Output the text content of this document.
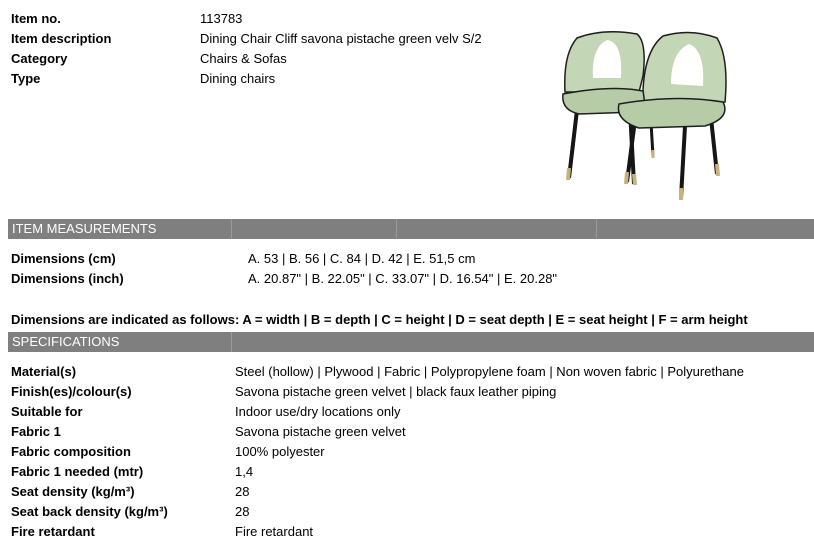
Item no.	113783
Item description	Dining Chair Cliff savona pistache green velv S/2
Category	Chairs & Sofas
Type	Dining chairs
ITEM MEASUREMENTS
Dimensions (cm)	A. 53 | B. 56 | C. 84 | D. 42 | E. 51,5 cm
Dimensions (inch)	A. 20.87" | B. 22.05" | C. 33.07" | D. 16.54" | E. 20.28"
Dimensions are indicated as follows: A = width | B = depth | C = height | D = seat depth | E = seat height | F = arm height
SPECIFICATIONS
Material(s)	Steel (hollow) | Plywood | Fabric | Polypropylene foam | Non woven fabric | Polyurethane
Finish(es)/colour(s)	Savona pistache green velvet | black faux leather piping
Suitable for	Indoor use/dry locations only
Fabric 1	Savona pistache green velvet
Fabric composition	100% polyester
Fabric 1 needed (mtr)	1,4
Seat density (kg/m³)	28
Seat back density (kg/m³)	28
Fire retardant	Fire retardant
